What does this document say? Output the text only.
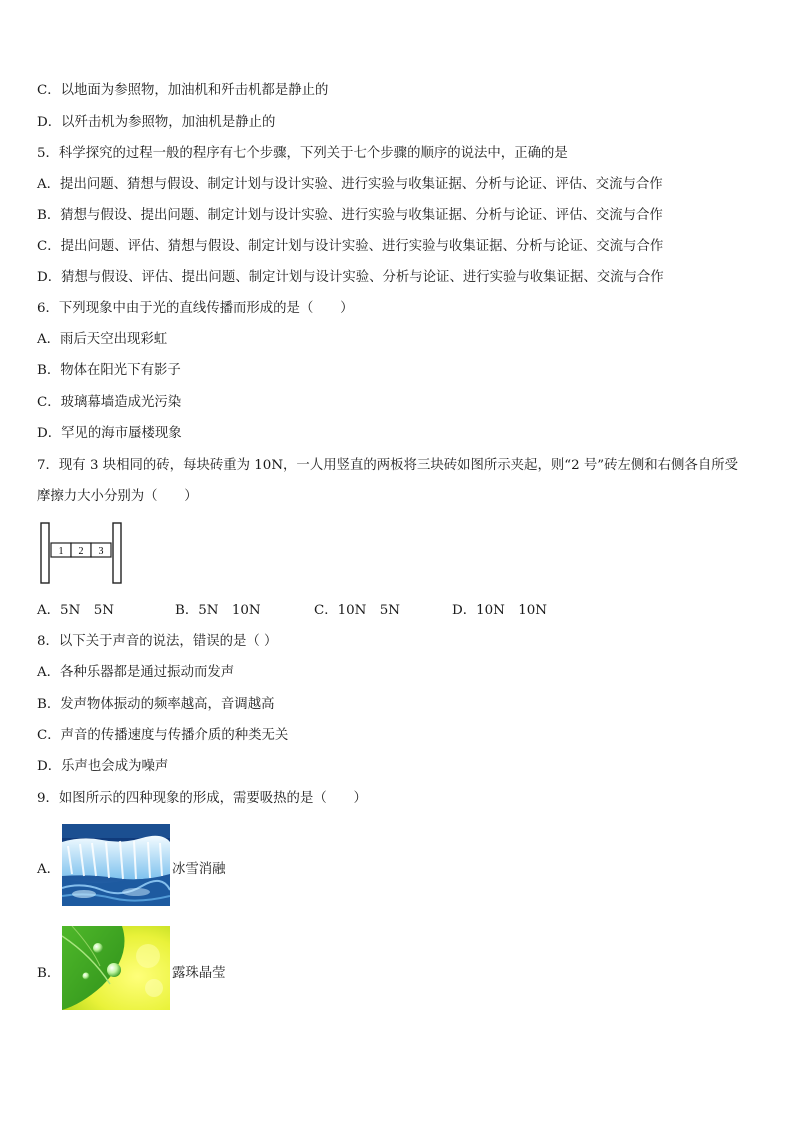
C．以地面为参照物，加油机和歼击机都是静止的
D．以歼击机为参照物，加油机是静止的
5．科学探究的过程一般的程序有七个步骤，下列关于七个步骤的顺序的说法中，正确的是
A．提出问题、猜想与假设、制定计划与设计实验、进行实验与收集证据、分析与论证、评估、交流与合作
B．猜想与假设、提出问题、制定计划与设计实验、进行实验与收集证据、分析与论证、评估、交流与合作
C．提出问题、评估、猜想与假设、制定计划与设计实验、进行实验与收集证据、分析与论证、交流与合作
D．猜想与假设、评估、提出问题、制定计划与设计实验、分析与论证、进行实验与收集证据、交流与合作
6．下列现象中由于光的直线传播而形成的是（　　）
A．雨后天空出现彩虹
B．物体在阳光下有影子
C．玻璃幕墙造成光污染
D．罕见的海市蜃楼现象
7．现有 3 块相同的砖，每块砖重为 10N，一人用竖直的两板将三块砖如图所示夹起，则“2 号”砖左侧和右侧各自所受
摩擦力大小分别为（　　）
1 2 3
A．5N　5N	B．5N　10N	C．10N　5N	D．10N　10N
8．以下关于声音的说法，错误的是（ ）
A．各种乐器都是通过振动而发声
B．发声物体振动的频率越高，音调越高
C．声音的传播速度与传播介质的种类无关
D．乐声也会成为噪声
9．如图所示的四种现象的形成，需要吸热的是（　　）
A．	冰雪消融
B．	露珠晶莹
